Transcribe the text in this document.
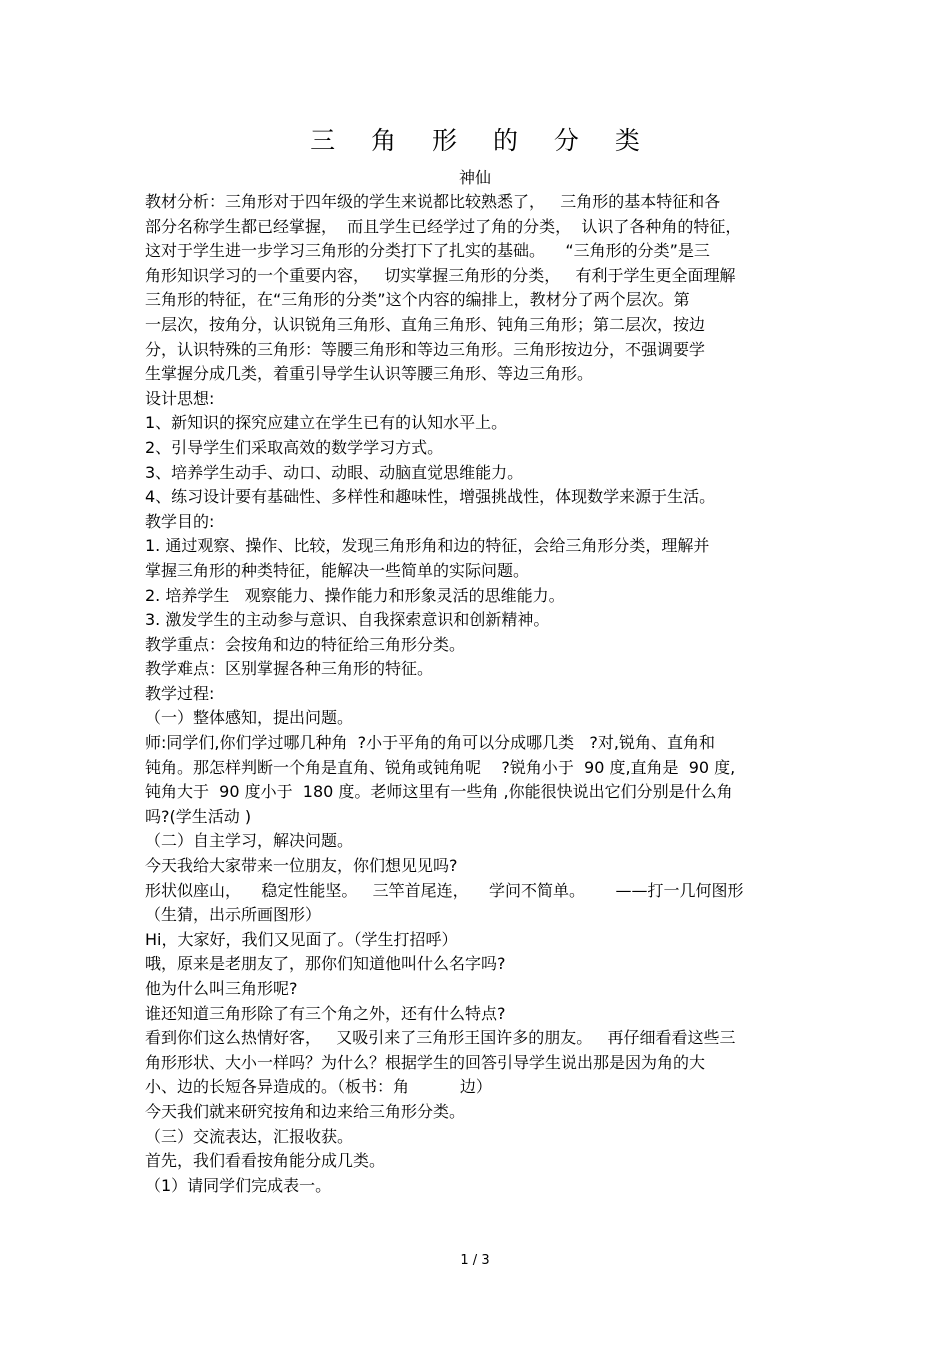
三 角 形 的 分 类
神仙
教材分析：三角形对于四年级的学生来说都比较熟悉了，   三角形的基本特征和各
部分名称学生都已经掌握，  而且学生已经学过了角的分类，  认识了各种角的特征，
这对于学生进一步学习三角形的分类打下了扎实的基础。    “三角形的分类”是三
角形知识学习的一个重要内容，   切实掌握三角形的分类，   有利于学生更全面理解
三角形的特征，在“三角形的分类”这个内容的编排上，教材分了两个层次。第
一层次，按角分，认识锐角三角形、直角三角形、钝角三角形；第二层次，按边
分，认识特殊的三角形：等腰三角形和等边三角形。三角形按边分，不强调要学
生掌握分成几类，着重引导学生认识等腰三角形、等边三角形。
设计思想:
1、新知识的探究应建立在学生已有的认知水平上。
2、引导学生们采取高效的数学学习方式。
3、培养学生动手、动口、动眼、动脑直觉思维能力。
4、练习设计要有基础性、多样性和趣味性，增强挑战性，体现数学来源于生活。
教学目的:
1. 通过观察、操作、比较，发现三角形角和边的特征，会给三角形分类，理解并
掌握三角形的种类特征，能解决一些简单的实际问题。
2. 培养学生   观察能力、操作能力和形象灵活的思维能力。
3. 激发学生的主动参与意识、自我探索意识和创新精神。
教学重点：会按角和边的特征给三角形分类。
教学难点：区别掌握各种三角形的特征。
教学过程:
（一）整体感知，提出问题。
师:同学们,你们学过哪几种角  ?小于平角的角可以分成哪几类   ?对,锐角、直角和
钝角。那怎样判断一个角是直角、锐角或钝角呢    ?锐角小于  90 度,直角是  90 度,
钝角大于  90 度小于  180 度。老师这里有一些角 ,你能很快说出它们分别是什么角
吗?(学生活动 )
（二）自主学习，解决问题。
今天我给大家带来一位朋友，你们想见见吗?
形状似座山，    稳定性能坚。   三竿首尾连，    学问不简单。      ——打一几何图形
（生猜，出示所画图形）
Hi，大家好，我们又见面了。（学生打招呼）
哦，原来是老朋友了，那你们知道他叫什么名字吗?
他为什么叫三角形呢?
谁还知道三角形除了有三个角之外，还有什么特点?
看到你们这么热情好客，   又吸引来了三角形王国许多的朋友。   再仔细看看这些三
角形形状、大小一样吗？为什么？根据学生的回答引导学生说出那是因为角的大
小、边的长短各异造成的。（板书：角          边）
今天我们就来研究按角和边来给三角形分类。
（三）交流表达，汇报收获。
首先，我们看看按角能分成几类。
（1）请同学们完成表一。
1 / 3
